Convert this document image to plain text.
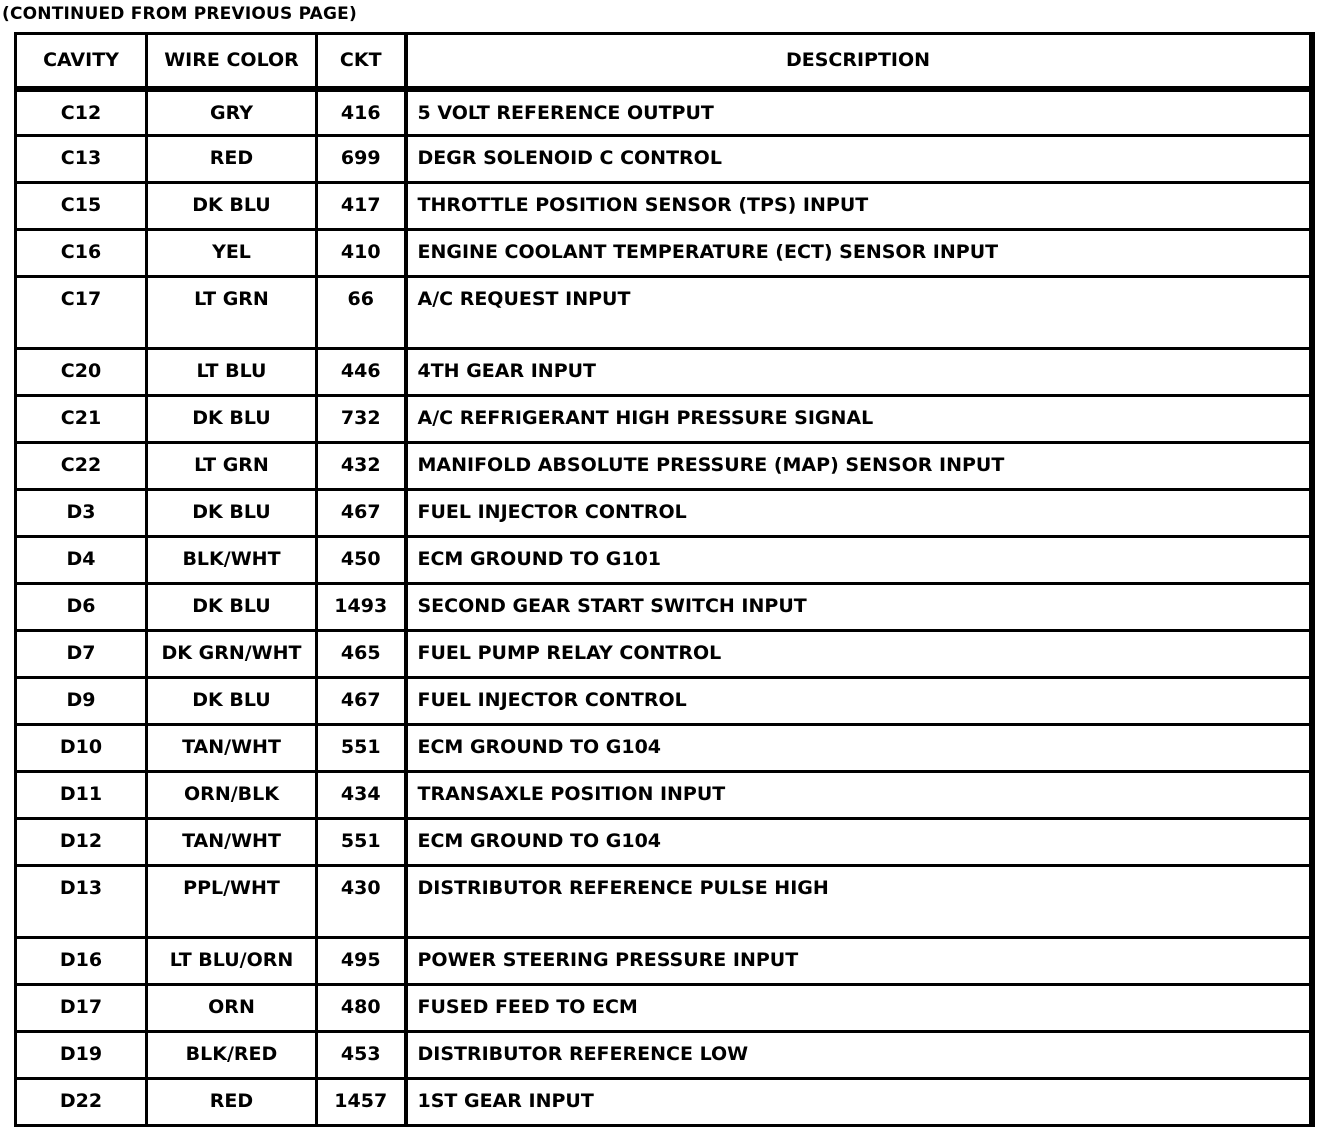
(CONTINUED FROM PREVIOUS PAGE)
CAVITY	WIRE COLOR	CKT	DESCRIPTION
C12	GRY	416	5 VOLT REFERENCE OUTPUT
C13	RED	699	DEGR SOLENOID C CONTROL
C15	DK BLU	417	THROTTLE POSITION SENSOR (TPS) INPUT
C16	YEL	410	ENGINE COOLANT TEMPERATURE (ECT) SENSOR INPUT
C17	LT GRN	66	A/C REQUEST INPUT
C20	LT BLU	446	4TH GEAR INPUT
C21	DK BLU	732	A/C REFRIGERANT HIGH PRESSURE SIGNAL
C22	LT GRN	432	MANIFOLD ABSOLUTE PRESSURE (MAP) SENSOR INPUT
D3	DK BLU	467	FUEL INJECTOR CONTROL
D4	BLK/WHT	450	ECM GROUND TO G101
D6	DK BLU	1493	SECOND GEAR START SWITCH INPUT
D7	DK GRN/WHT	465	FUEL PUMP RELAY CONTROL
D9	DK BLU	467	FUEL INJECTOR CONTROL
D10	TAN/WHT	551	ECM GROUND TO G104
D11	ORN/BLK	434	TRANSAXLE POSITION INPUT
D12	TAN/WHT	551	ECM GROUND TO G104
D13	PPL/WHT	430	DISTRIBUTOR REFERENCE PULSE HIGH
D16	LT BLU/ORN	495	POWER STEERING PRESSURE INPUT
D17	ORN	480	FUSED FEED TO ECM
D19	BLK/RED	453	DISTRIBUTOR REFERENCE LOW
D22	RED	1457	1ST GEAR INPUT
